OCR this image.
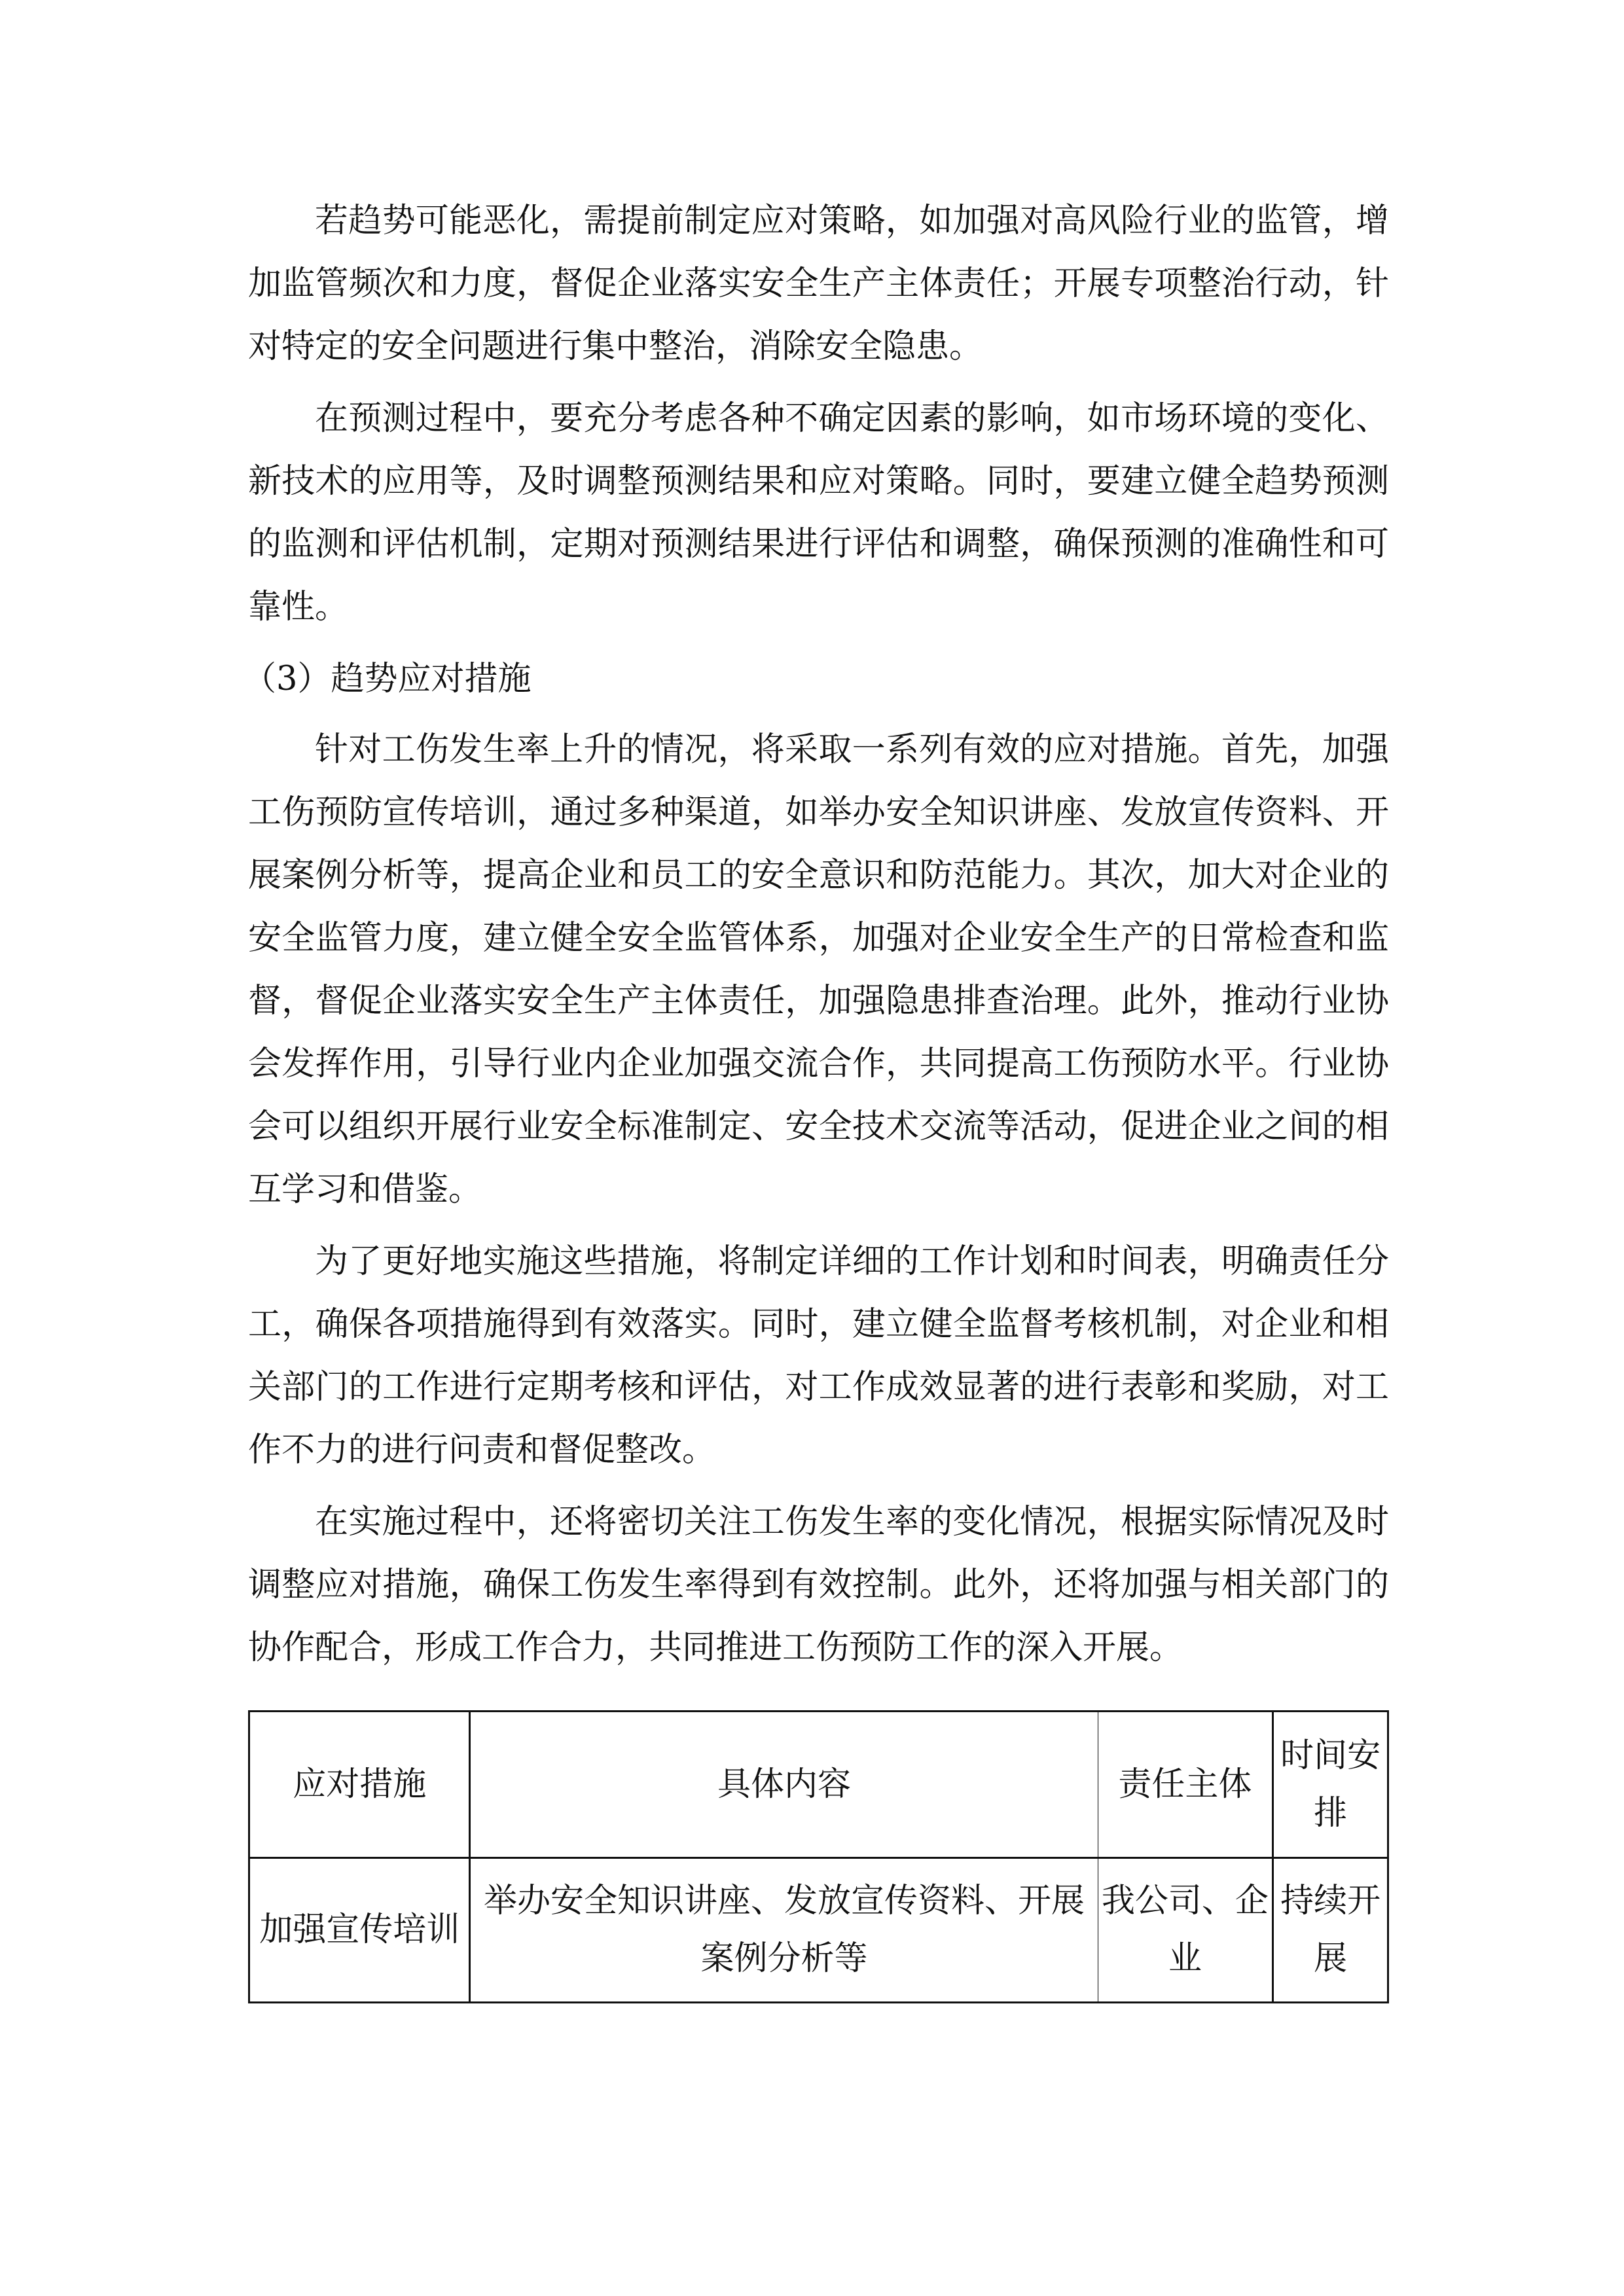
若趋势可能恶化，需提前制定应对策略，如加强对高风险行业的监管，增
加监管频次和力度，督促企业落实安全生产主体责任；开展专项整治行动，针
对特定的安全问题进行集中整治，消除安全隐患。
在预测过程中，要充分考虑各种不确定因素的影响，如市场环境的变化、
新技术的应用等，及时调整预测结果和应对策略。同时，要建立健全趋势预测
的监测和评估机制，定期对预测结果进行评估和调整，确保预测的准确性和可
靠性。
（3）趋势应对措施
针对工伤发生率上升的情况，将采取一系列有效的应对措施。首先，加强
工伤预防宣传培训，通过多种渠道，如举办安全知识讲座、发放宣传资料、开
展案例分析等，提高企业和员工的安全意识和防范能力。其次，加大对企业的
安全监管力度，建立健全安全监管体系，加强对企业安全生产的日常检查和监
督，督促企业落实安全生产主体责任，加强隐患排查治理。此外，推动行业协
会发挥作用，引导行业内企业加强交流合作，共同提高工伤预防水平。行业协
会可以组织开展行业安全标准制定、安全技术交流等活动，促进企业之间的相
互学习和借鉴。
为了更好地实施这些措施，将制定详细的工作计划和时间表，明确责任分
工，确保各项措施得到有效落实。同时，建立健全监督考核机制，对企业和相
关部门的工作进行定期考核和评估，对工作成效显著的进行表彰和奖励，对工
作不力的进行问责和督促整改。
在实施过程中，还将密切关注工伤发生率的变化情况，根据实际情况及时
调整应对措施，确保工伤发生率得到有效控制。此外，还将加强与相关部门的
协作配合，形成工作合力，共同推进工伤预防工作的深入开展。
应对措施	具体内容	责任主体	时间安排
加强宣传培训	举办安全知识讲座、发放宣传资料、开展案例分析等	我公司、企业	持续开展
